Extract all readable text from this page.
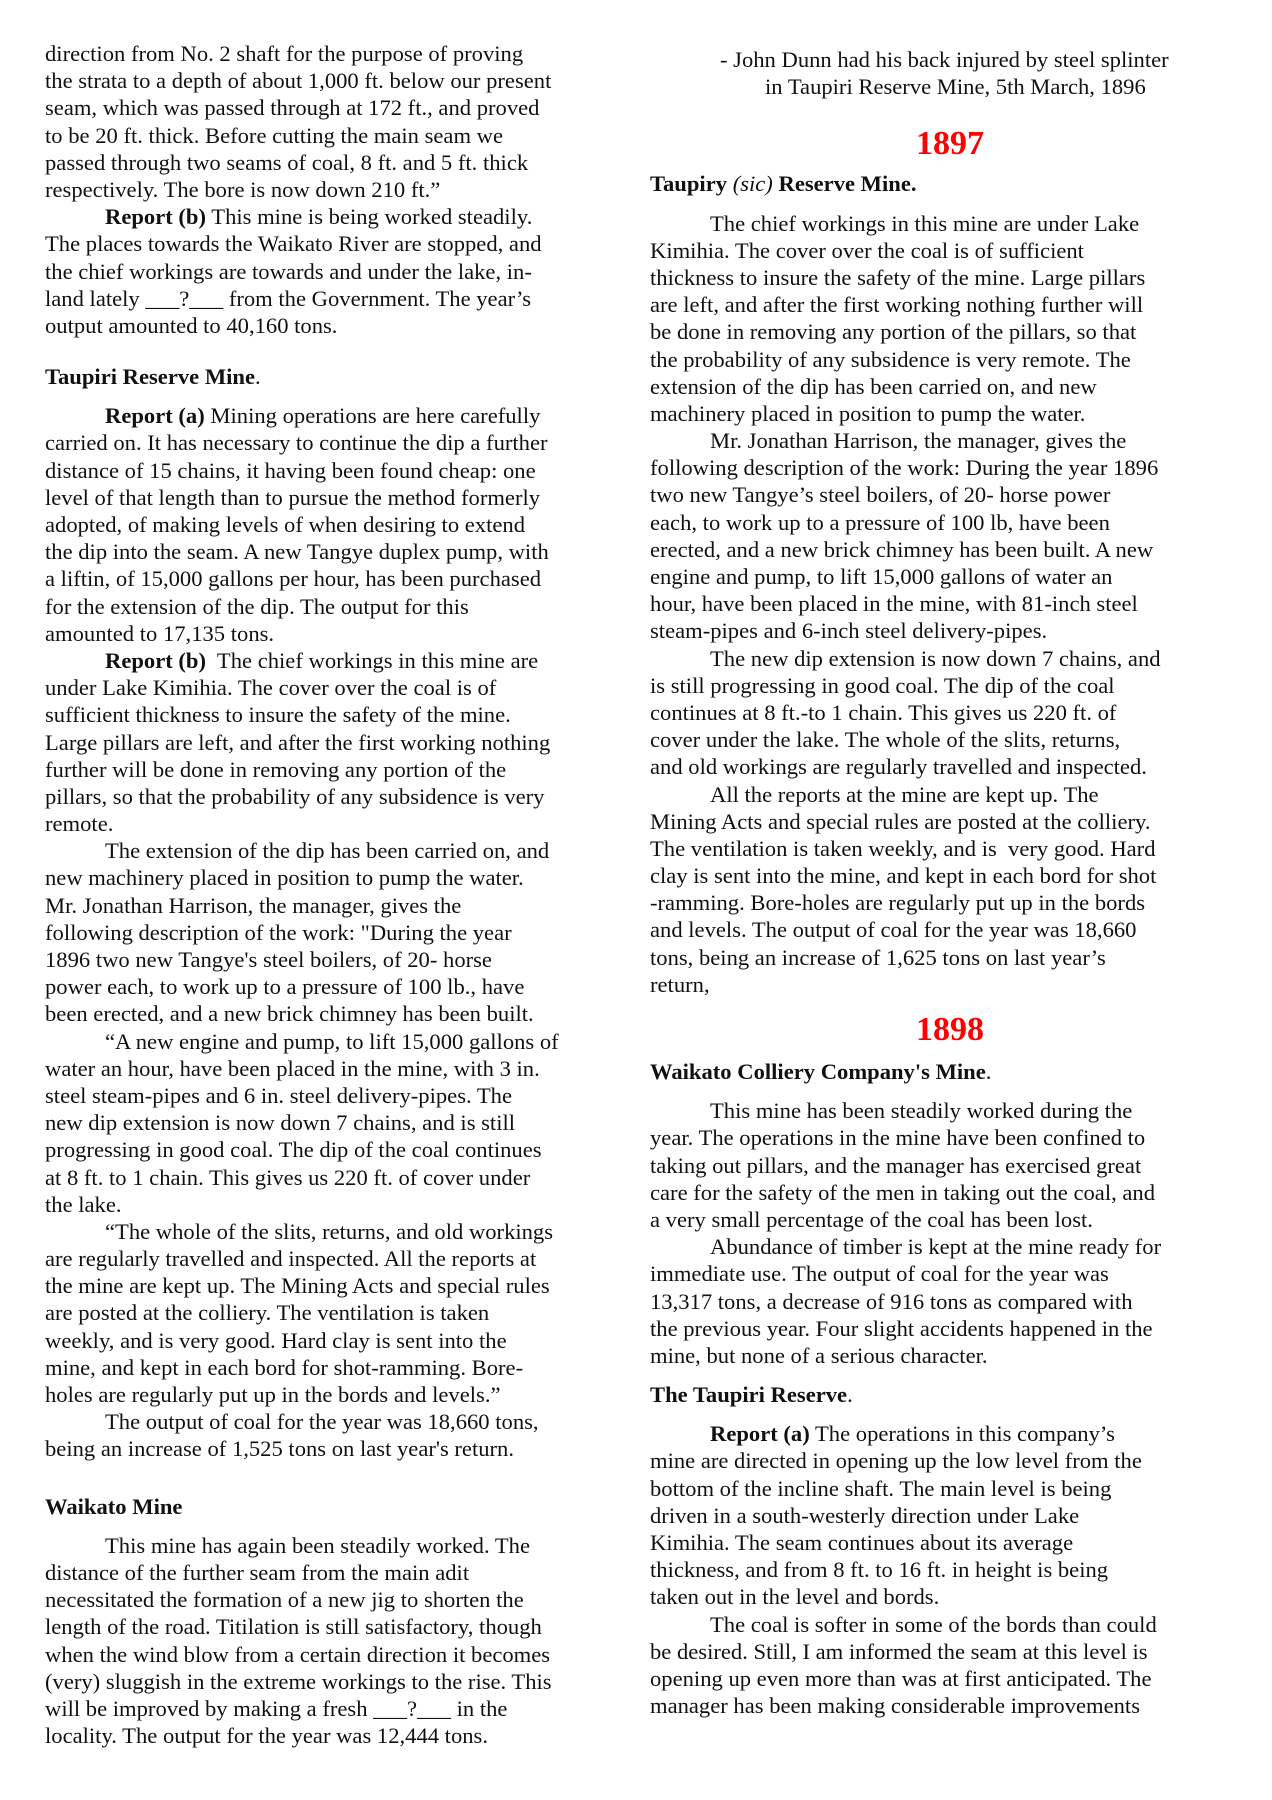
direction from No. 2 shaft for the purpose of proving
the strata to a depth of about 1,000 ft. below our present
seam, which was passed through at 172 ft., and proved
to be 20 ft. thick. Before cutting the main seam we
passed through two seams of coal, 8 ft. and 5 ft. thick
respectively. The bore is now down 210 ft.”
Report (b) This mine is being worked steadily.
The places towards the Waikato River are stopped, and
the chief workings are towards and under the lake, in-
land lately ___?___ from the Government. The year’s
output amounted to 40,160 tons.
Taupiri Reserve Mine.
Report (a) Mining operations are here carefully
carried on. It has necessary to continue the dip a further
distance of 15 chains, it having been found cheap: one
level of that length than to pursue the method formerly
adopted, of making levels of when desiring to extend
the dip into the seam. A new Tangye duplex pump, with
a liftin, of 15,000 gallons per hour, has been purchased
for the extension of the dip. The output for this
amounted to 17,135 tons.
Report (b)  The chief workings in this mine are
under Lake Kimihia. The cover over the coal is of
sufficient thickness to insure the safety of the mine.
Large pillars are left, and after the first working nothing
further will be done in removing any portion of the
pillars, so that the probability of any subsidence is very
remote.
The extension of the dip has been carried on, and
new machinery placed in position to pump the water.
Mr. Jonathan Harrison, the manager, gives the
following description of the work: "During the year
1896 two new Tangye's steel boilers, of 20- horse
power each, to work up to a pressure of 100 lb., have
been erected, and a new brick chimney has been built.
“A new engine and pump, to lift 15,000 gallons of
water an hour, have been placed in the mine, with 3 in.
steel steam-pipes and 6 in. steel delivery-pipes. The
new dip extension is now down 7 chains, and is still
progressing in good coal. The dip of the coal continues
at 8 ft. to 1 chain. This gives us 220 ft. of cover under
the lake.
“The whole of the slits, returns, and old workings
are regularly travelled and inspected. All the reports at
the mine are kept up. The Mining Acts and special rules
are posted at the colliery. The ventilation is taken
weekly, and is very good. Hard clay is sent into the
mine, and kept in each bord for shot-ramming. Bore-
holes are regularly put up in the bords and levels.”
The output of coal for the year was 18,660 tons,
being an increase of 1,525 tons on last year's return.
Waikato Mine
This mine has again been steadily worked. The
distance of the further seam from the main adit
necessitated the formation of a new jig to shorten the
length of the road. Titilation is still satisfactory, though
when the wind blow from a certain direction it becomes
(very) sluggish in the extreme workings to the rise. This
will be improved by making a fresh ___?___ in the
locality. The output for the year was 12,444 tons.
- John Dunn had his back injured by steel splinter
in Taupiri Reserve Mine, 5th March, 1896
1897
Taupiry (sic) Reserve Mine.
The chief workings in this mine are under Lake
Kimihia. The cover over the coal is of sufficient
thickness to insure the safety of the mine. Large pillars
are left, and after the first working nothing further will
be done in removing any portion of the pillars, so that
the probability of any subsidence is very remote. The
extension of the dip has been carried on, and new
machinery placed in position to pump the water.
Mr. Jonathan Harrison, the manager, gives the
following description of the work: During the year 1896
two new Tangye’s steel boilers, of 20- horse power
each, to work up to a pressure of 100 lb, have been
erected, and a new brick chimney has been built. A new
engine and pump, to lift 15,000 gallons of water an
hour, have been placed in the mine, with 81-inch steel
steam-pipes and 6-inch steel delivery-pipes.
The new dip extension is now down 7 chains, and
is still progressing in good coal. The dip of the coal
continues at 8 ft.-to 1 chain. This gives us 220 ft. of
cover under the lake. The whole of the slits, returns,
and old workings are regularly travelled and inspected.
All the reports at the mine are kept up. The
Mining Acts and special rules are posted at the colliery.
The ventilation is taken weekly, and is  very good. Hard
clay is sent into the mine, and kept in each bord for shot
-ramming. Bore-holes are regularly put up in the bords
and levels. The output of coal for the year was 18,660
tons, being an increase of 1,625 tons on last year’s
return,
1898
Waikato Colliery Company's Mine.
This mine has been steadily worked during the
year. The operations in the mine have been confined to
taking out pillars, and the manager has exercised great
care for the safety of the men in taking out the coal, and
a very small percentage of the coal has been lost.
Abundance of timber is kept at the mine ready for
immediate use. The output of coal for the year was
13,317 tons, a decrease of 916 tons as compared with
the previous year. Four slight accidents happened in the
mine, but none of a serious character.
The Taupiri Reserve.
Report (a) The operations in this company’s
mine are directed in opening up the low level from the
bottom of the incline shaft. The main level is being
driven in a south-westerly direction under Lake
Kimihia. The seam continues about its average
thickness, and from 8 ft. to 16 ft. in height is being
taken out in the level and bords.
The coal is softer in some of the bords than could
be desired. Still, I am informed the seam at this level is
opening up even more than was at first anticipated. The
manager has been making considerable improvements
